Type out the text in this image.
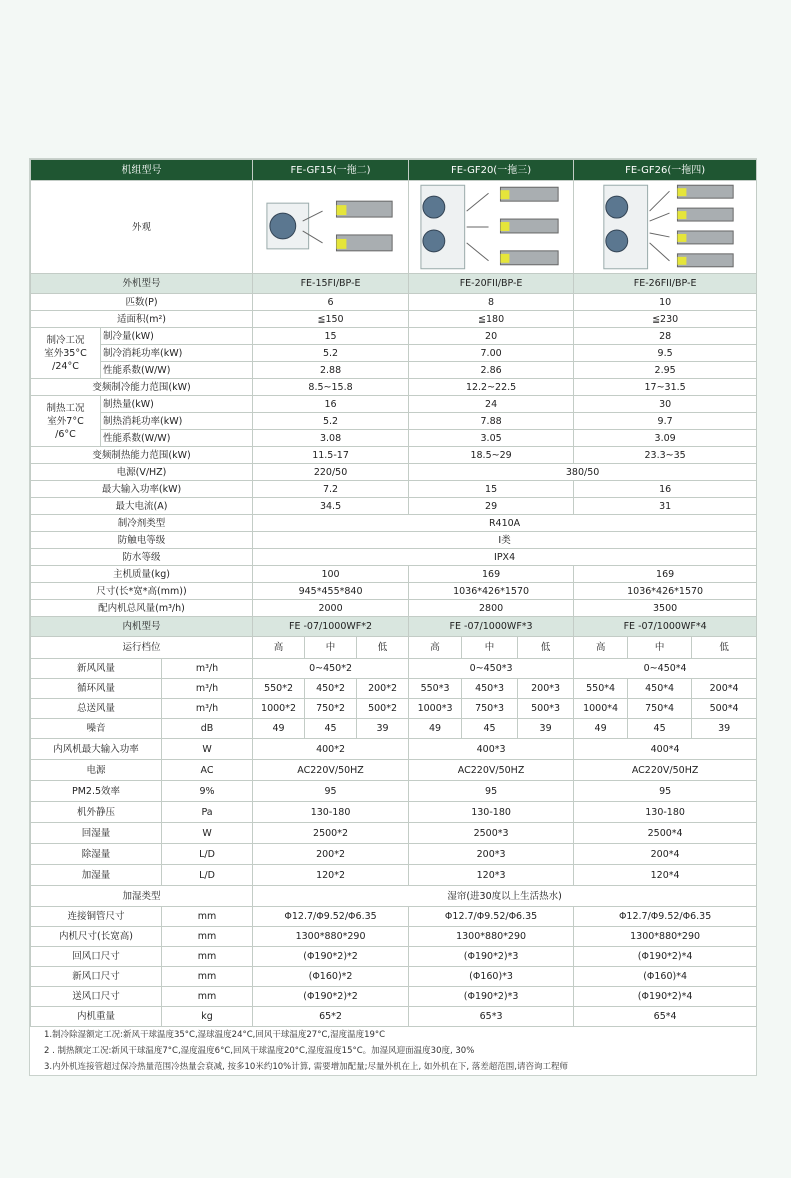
机组型号			FE-GF15(一拖二)			FE-GF20(一拖三)			FE-GF26(一拖四)		
外观	

外机型号			FE-15FI/BP-E			FE-20FII/BP-E			FE-26FII/BP-E		
匹数(P)			6			8			10		
适面积(m²)			≦150			≦180			≦230		
制冷工况
室外35°C
/24°C	制冷量(kW)		15			20			28		
	制冷消耗功率(kW)		5.2			7.00			9.5		
	性能系数(W/W)		2.88			2.86			2.95		
变频制冷能力范围(kW)			8.5~15.8			12.2~22.5			17~31.5		
制热工况
室外7°C
/6°C	制热量(kW)		16			24			30		
	制热消耗功率(kW)		5.2			7.88			9.7		
	性能系数(W/W)		3.08			3.05			3.09		
变频制热能力范围(kW)			11.5-17			18.5~29			23.3~35		
电源(V/HZ)			220/50			380/50					
最大输入功率(kW)			7.2			15			16		
最大电流(A)			34.5			29			31		
制冷剂类型			R410A								
防触电等级			I类								
防水等级			IPX4								
主机质量(kg)			100			169			169		
尺寸(长*宽*高(mm))			945*455*840			1036*426*1570			1036*426*1570		
配内机总风量(m³/h)			2000			2800			3500		
内机型号			FE -07/1000WF*2			FE -07/1000WF*3			FE -07/1000WF*4		
运行档位			高	中	低	高	中	低	高	中	低
新风风量		m³/h	0~450*2			0~450*3			0~450*4		
循环风量		m³/h	550*2	450*2	200*2	550*3	450*3	200*3	550*4	450*4	200*4
总送风量		m³/h	1000*2	750*2	500*2	1000*3	750*3	500*3	1000*4	750*4	500*4
噪音		dB	49	45	39	49	45	39	49	45	39
内风机最大输入功率		W	400*2			400*3			400*4		
电源		AC	AC220V/50HZ			AC220V/50HZ			AC220V/50HZ		
PM2.5效率		9%	95			95			95		
机外静压		Pa	130-180			130-180			130-180		
回湿量		W	2500*2			2500*3			2500*4		
除湿量		L/D	200*2			200*3			200*4		
加湿量		L/D	120*2			120*3			120*4		
加湿类型			湿帘(进30度以上生活热水)								
连接铜管尺寸		mm	Φ12.7/Φ9.52/Φ6.35			Φ12.7/Φ9.52/Φ6.35			Φ12.7/Φ9.52/Φ6.35		
内机尺寸(长宽高)		mm	1300*880*290			1300*880*290			1300*880*290		
回风口尺寸		mm	(Φ190*2)*2			(Φ190*2)*3			(Φ190*2)*4		
新风口尺寸		mm	(Φ160)*2			(Φ160)*3			(Φ160)*4		
送风口尺寸		mm	(Φ190*2)*2			(Φ190*2)*3			(Φ190*2)*4		
内机重量		kg	65*2			65*3			65*4		
1.制冷除湿额定工况:新风干球温度35°C,湿球温度24°C,回风干球温度27°C,湿度温度19°C
2 . 制热额定工况:新风干球温度7°C,湿度温度6°C,回风干球温度20°C,湿度温度15°C。加湿风迎面温度30度, 30%
3.内外机连接管超过保冷热量范围冷热量会衰减, 按多10米约10%计算, 需要增加配量;尽量外机在上, 如外机在下, 落差超范围,请咨询工程师
